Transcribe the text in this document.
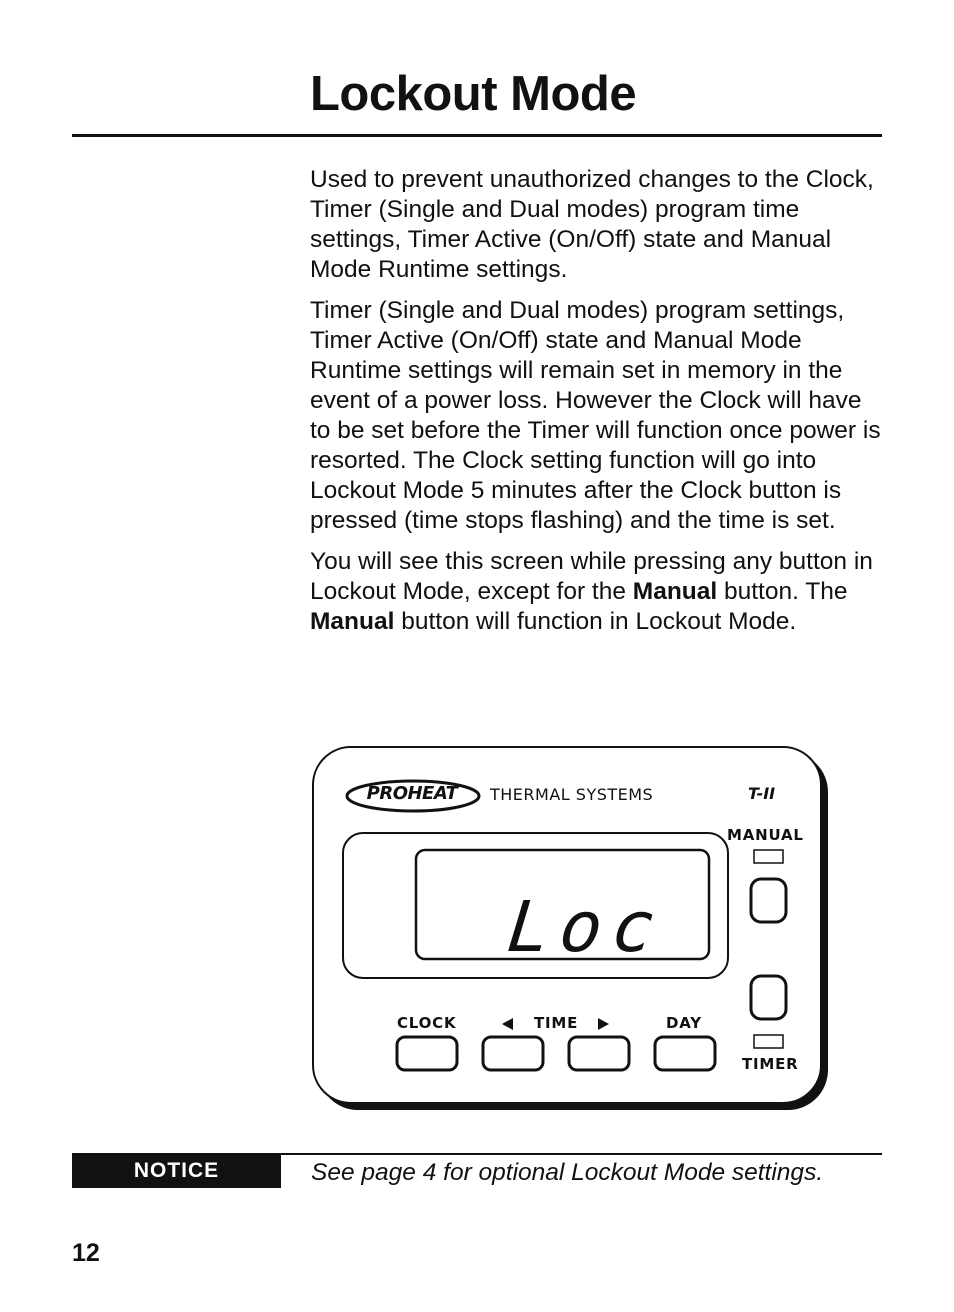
Lockout Mode

Used to prevent unauthorized changes to the Clock, Timer (Single and Dual modes) program time settings, Timer Active (On/Off) state and Manual Mode Runtime settings.

Timer (Single and Dual modes) program settings, Timer Active (On/Off) state and Manual Mode Runtime settings will remain set in memory in the event of a power loss. However the Clock will have to be set before the Timer will function once power is resorted. The Clock setting function will go into Lockout Mode 5 minutes after the Clock button is pressed (time stops flashing) and the time is set.

You will see this screen while pressing any button in Lockout Mode, except for the Manual button. The Manual button will function in Lockout Mode.

PROHEAT	THERMAL SYSTEMS	T-II
MANUAL
TIMER
CLOCK	TIME	DAY
Loc
NOTICE	See page 4 for optional Lockout Mode settings.
12
